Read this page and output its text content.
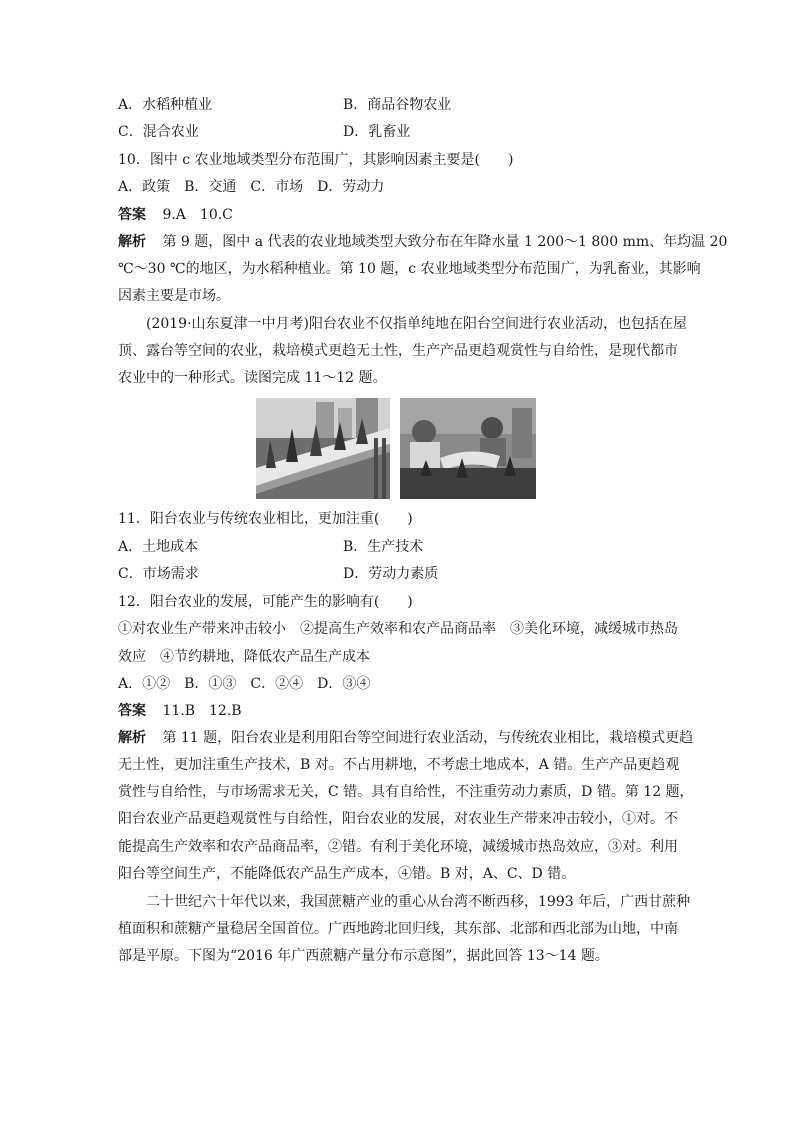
A．水稻种植业	B．商品谷物农业
C．混合农业	D．乳畜业
10．图中 c 农业地域类型分布范围广，其影响因素主要是(　　)
A．政策　B．交通　C．市场　D．劳动力
答案 9.A　10.C
解析 第 9 题，图中 a 代表的农业地域类型大致分布在年降水量 1 200～1 800 mm、年均温 20
℃～30 ℃的地区，为水稻种植业。第 10 题，c 农业地域类型分布范围广，为乳畜业，其影响
因素主要是市场。
(2019·山东夏津一中月考)阳台农业不仅指单纯地在阳台空间进行农业活动，也包括在屋
顶、露台等空间的农业，栽培模式更趋无土性，生产产品更趋观赏性与自给性，是现代都市
农业中的一种形式。读图完成 11～12 题。
11．阳台农业与传统农业相比，更加注重(　　)
A．土地成本	B．生产技术
C．市场需求	D．劳动力素质
12．阳台农业的发展，可能产生的影响有(　　)
①对农业生产带来冲击较小　②提高生产效率和农产品商品率　③美化环境，减缓城市热岛
效应　④节约耕地，降低农产品生产成本
A．①②　B．①③　C．②④　D．③④
答案 11.B　12.B
解析 第 11 题，阳台农业是利用阳台等空间进行农业活动，与传统农业相比，栽培模式更趋
无土性，更加注重生产技术，B 对。不占用耕地，不考虑土地成本，A 错。生产产品更趋观
赏性与自给性，与市场需求无关，C 错。具有自给性，不注重劳动力素质，D 错。第 12 题，
阳台农业产品更趋观赏性与自给性，阳台农业的发展，对农业生产带来冲击较小，①对。不
能提高生产效率和农产品商品率，②错。有利于美化环境，减缓城市热岛效应，③对。利用
阳台等空间生产，不能降低农产品生产成本，④错。B 对，A、C、D 错。
二十世纪六十年代以来，我国蔗糖产业的重心从台湾不断西移，1993 年后，广西甘蔗种
植面积和蔗糖产量稳居全国首位。广西地跨北回归线，其东部、北部和西北部为山地，中南
部是平原。下图为“2016 年广西蔗糖产量分布示意图”，据此回答 13～14 题。
